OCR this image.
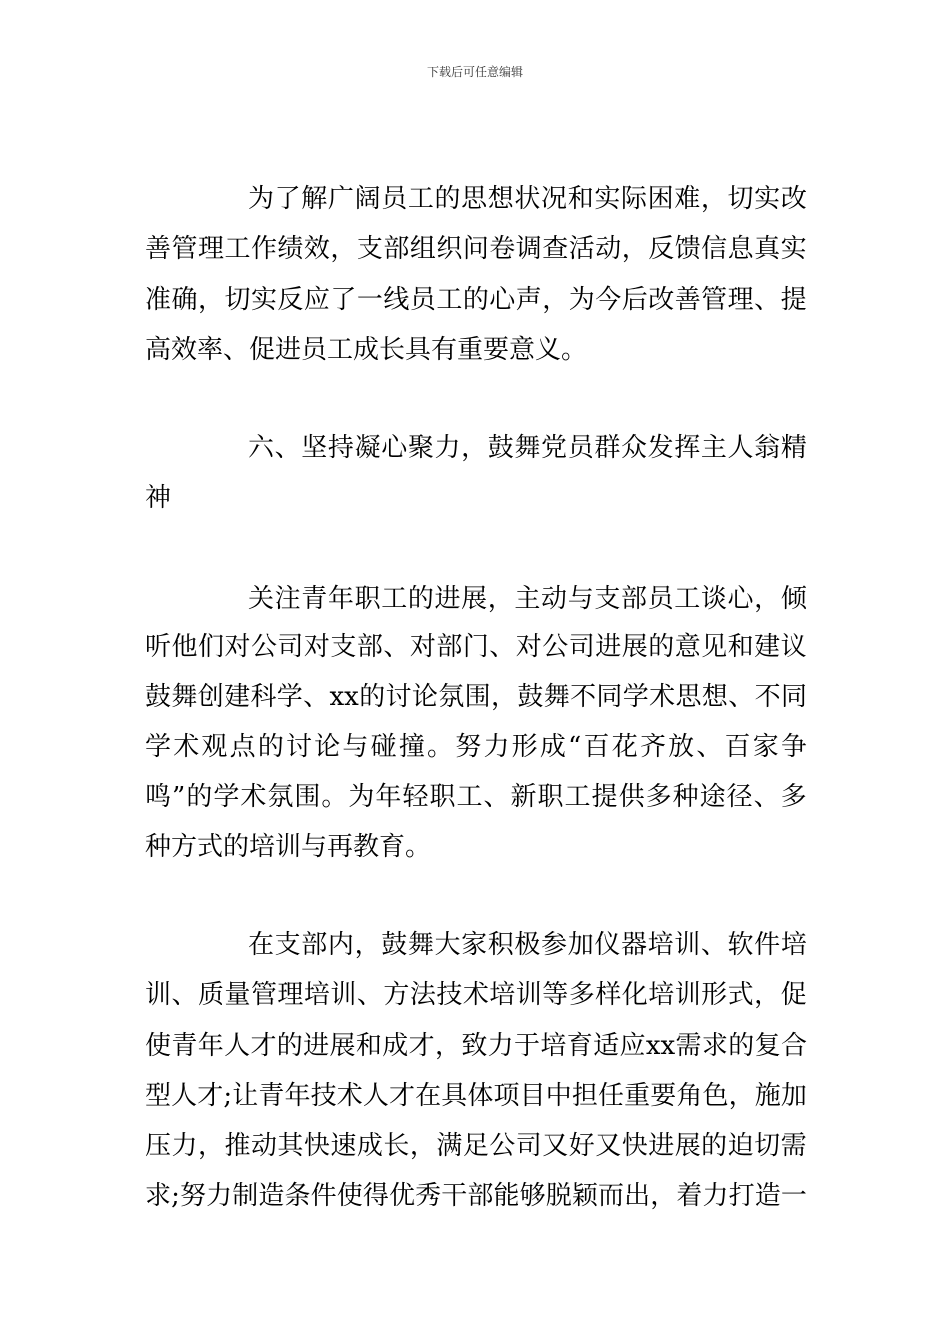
下载后可任意编辑
为 了 解 广 阔 员 工 的 思 想 状 况 和 实 际 困 难 ， 切 实 改
善 管 理 工 作 绩 效 ， 支 部 组 织 问 卷 调 查 活 动 ， 反 馈 信 息 真 实
准 确 ， 切 实 反 应 了 一 线 员 工 的 心 声 ， 为 今 后 改 善 管 理 、 提
高效率、促进员工成长具有重要意义。
六 、 坚 持 凝 心 聚 力 ， 鼓 舞 党 员 群 众 发 挥 主 人 翁 精
神
关 注 青 年 职 工 的 进 展 ， 主 动 与 支 部 员 工 谈 心 ， 倾
听 他 们 对 公 司 对 支 部 、 对 部 门 、 对 公 司 进 展 的 意 见 和 建 议
鼓 舞 创 建 科 学 、 xx 的 讨 论 氛 围 ， 鼓 舞 不 同 学 术 思 想 、 不 同
学 术 观 点 的 讨 论 与 碰 撞 。 努 力 形 成 “ 百 花 齐 放 、 百 家 争
鸣 ” 的 学 术 氛 围 。 为 年 轻 职 工 、 新 职 工 提 供 多 种 途 径 、 多
种方式的培训与再教育。
在 支 部 内 ， 鼓 舞 大 家 积 极 参 加 仪 器 培 训 、 软 件 培
训 、 质 量 管 理 培 训 、 方 法 技 术 培 训 等 多 样 化 培 训 形 式 ， 促
使 青 年 人 才 的 进 展 和 成 才 ， 致 力 于 培 育 适 应 xx 需 求 的 复 合
型 人 才 ; 让 青 年 技 术 人 才 在 具 体 项 目 中 担 任 重 要 角 色 ， 施 加
压 力 ， 推 动 其 快 速 成 长 ， 满 足 公 司 又 好 又 快 进 展 的 迫 切 需
求 ; 努 力 制 造 条 件 使 得 优 秀 干 部 能 够 脱 颖 而 出 ， 着 力 打 造 一
